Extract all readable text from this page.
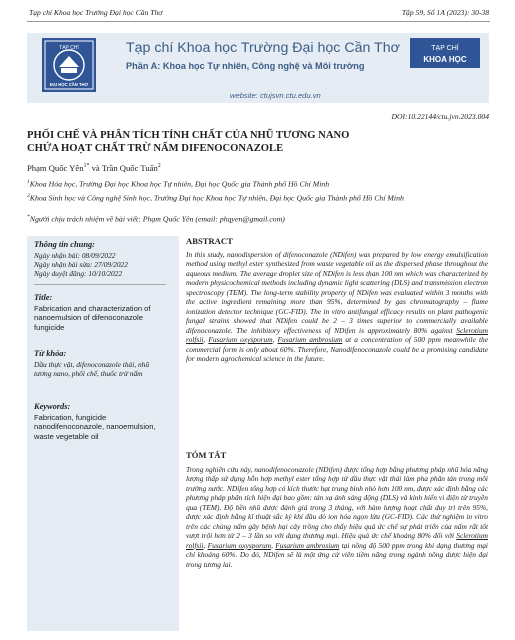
Tạp chí Khoa học Trường Đại học Cần Thơ	Tập 59, Số 1A (2023): 30-38
TẠP CHÍ
ĐẠI HỌC CẦN THƠ
Tạp chí Khoa học Trường Đại học Cần Thơ
Phần A: Khoa học Tự nhiên, Công nghệ và Môi trường
website: ctujsvn.ctu.edu.vn
TẠP CHÍ
KHOA HỌC
DOI:10.22144/ctu.jvn.2023.004
PHỐI CHẾ VÀ PHÂN TÍCH TÍNH CHẤT CỦA NHŨ TƯƠNG NANO
CHỨA HOẠT CHẤT TRỪ NẤM DIFENOCONAZOLE
Phạm Quốc Yên$^{1*}$ và Trần Quốc Tuấn$^2$
$^1$Khoa Hóa học, Trường Đại học Khoa học Tự nhiên, Đại học Quốc gia Thành phố Hồ Chí Minh
$^2$Khoa Sinh học và Công nghệ Sinh học, Trường Đại học Khoa học Tự nhiên, Đại học Quốc gia Thành phố Hồ Chí Minh
*Người chịu trách nhiệm về bài viết: Phạm Quốc Yên (email: phqyen@gmail.com)
Thông tin chung:
Ngày nhận bài: 08/09/2022
Ngày nhận bài sửa: 27/09/2022
Ngày duyệt đăng: 10/10/2022
Title:
Fabrication and characterization of nanoemulsion of difenoconazole fungicide
Từ khóa:
Dầu thực vật, difenoconazole thải, nhũ tương nano, phối chế, thuốc trừ nấm
Keywords:
Fabrication, fungicide nanodifenoconazole, nanoemulsion, waste vegetable oil
ABSTRACT
In this study, nanodispersion of difenoconazole (NDifen) was prepared by low energy emulsification method using methyl ester synthesized from waste vegetable oil as the dispersed phase throughout the aqueous medium. The average droplet size of NDifen is less than 100 nm which was characterized by modern physicochemical methods including dynamic light scattering (DLS) and transmission electron spectroscopy (TEM). The long-term stability property of NDifen was evaluated within 3 months with the active ingredient remaining more than 95%, determined by gas chromatography – flame ionization detector technique (GC-FID). The in vitro antifungal efficacy results on plant pathogenic fungal strains showed that NDifen could be 2 – 3 times superior to commercially available difenoconazole. The inhibitory effectiveness of NDifen is approximately 80% against Sclerotium rolfsii, Fusarium oxysporum, Fusarium ambrosium at a concentration of 500 ppm meanwhile the commercial form is only about 60%. Therefore, Nanodifenoconazole could be a promising candidate for modern agrochemical science in the future.
TÓM TẮT
Trong nghiên cứu này, nanodifenoconazole (NDifen) được tổng hợp bằng phương pháp nhũ hóa năng lượng thấp sử dụng hỗn hợp methyl ester tổng hợp từ dầu thực vật thải làm pha phân tán trong môi trường nước. NDifen tổng hợp có kích thước hạt trung bình nhỏ hơn 100 nm, được xác định bằng các phương pháp phân tích hiện đại bao gồm: tán xạ ánh sáng động (DLS) và kính hiển vi điện tử truyền qua (TEM). Độ bền nhũ được đánh giá trong 3 tháng, với hàm lượng hoạt chất duy trì trên 95%, được xác định bằng kĩ thuật sắc ký khí đầu dò ion hóa ngọn lửa (GC-FID). Các thử nghiệm in vitro trên các chủng nấm gây bệnh hại cây trồng cho thấy hiệu quả ức chế sự phát triển của nấm rất tốt vượt trội hơn từ 2 – 3 lần so với dạng thương mại. Hiệu quả ức chế khoảng 80% đối với Sclerotium rolfsii, Fusarium oxysporum, Fusarium ambrosium tại nồng độ 500 ppm trong khi dạng thương mại chỉ khoảng 60%. Do đó, NDifen sẽ là một ứng cử viên tiềm năng trong ngành nông dược hiện đại trong tương lai.
